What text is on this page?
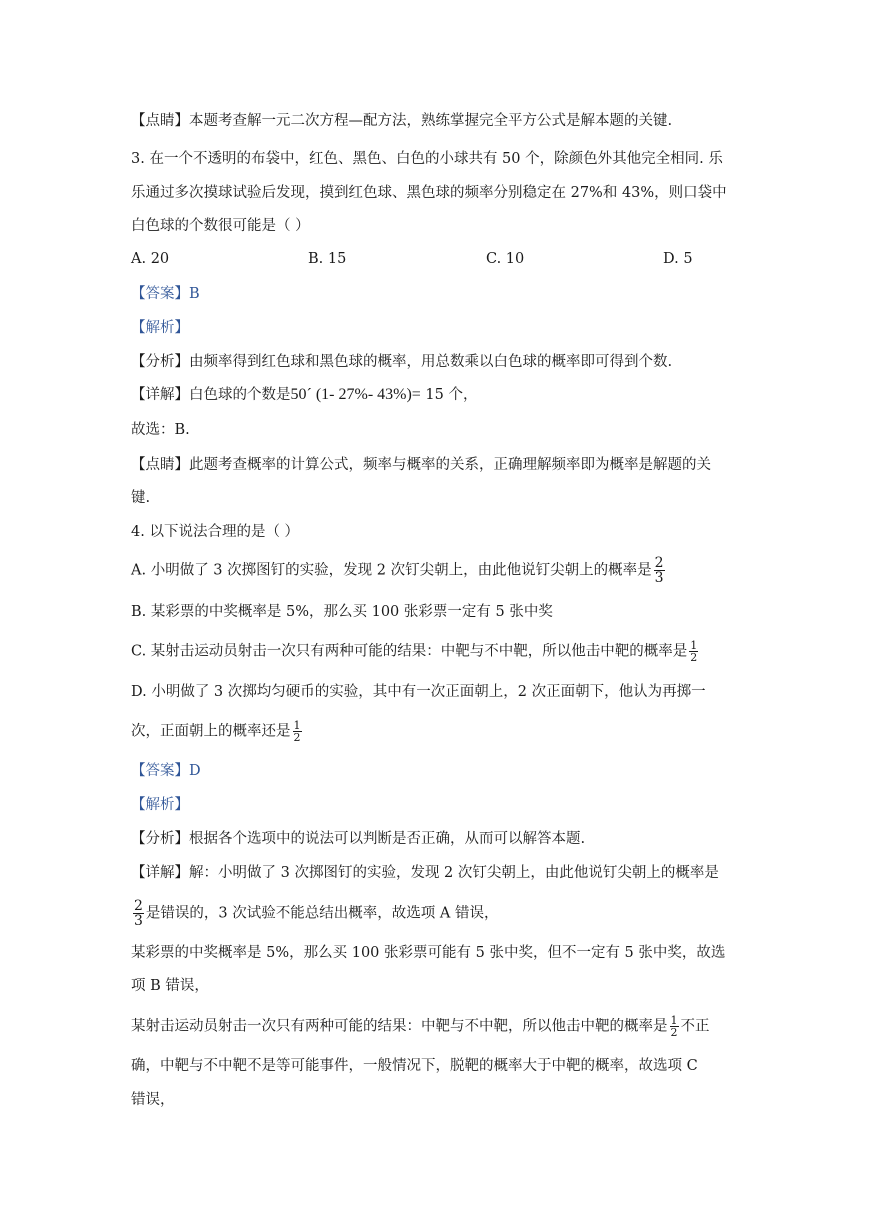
【点睛】本题考查解一元二次方程—配方法，熟练掌握完全平方公式是解本题的关键.
3. 在一个不透明的布袋中，红色、黑色、白色的小球共有 50 个，除颜色外其他完全相同. 乐
乐通过多次摸球试验后发现，摸到红色球、黑色球的频率分别稳定在 27%和 43%，则口袋中
白色球的个数很可能是（ ）
A. 20	B. 15	C. 10	D. 5
【答案】B
【解析】
【分析】由频率得到红色球和黑色球的概率，用总数乘以白色球的概率即可得到个数.
【详解】白色球的个数是50´ (1- 27%- 43%)= 15 个，
故选：B.
【点睛】此题考查概率的计算公式，频率与概率的关系，正确理解频率即为概率是解题的关
键.
4. 以下说法合理的是（ ）
A. 小明做了 3 次掷图钉的实验，发现 2 次钉尖朝上，由此他说钉尖朝上的概率是 $\frac{2}{3}$
B. 某彩票的中奖概率是 5%，那么买 100 张彩票一定有 5 张中奖
C. 某射击运动员射击一次只有两种可能的结果：中靶与不中靶，所以他击中靶的概率是 $\frac{1}{2}$
D. 小明做了 3 次掷均匀硬币的实验，其中有一次正面朝上，2 次正面朝下，他认为再掷一
次，正面朝上的概率还是 $\frac{1}{2}$
【答案】D
【解析】
【分析】根据各个选项中的说法可以判断是否正确，从而可以解答本题.
【详解】解：小明做了 3 次掷图钉的实验，发现 2 次钉尖朝上，由此他说钉尖朝上的概率是
$\frac{2}{3}$ 是错误的，3 次试验不能总结出概率，故选项 A 错误，
某彩票的中奖概率是 5%，那么买 100 张彩票可能有 5 张中奖，但不一定有 5 张中奖，故选
项 B 错误，
某射击运动员射击一次只有两种可能的结果：中靶与不中靶，所以他击中靶的概率是 $\frac{1}{2}$ 不正
确，中靶与不中靶不是等可能事件，一般情况下，脱靶的概率大于中靶的概率，故选项 C
错误，
